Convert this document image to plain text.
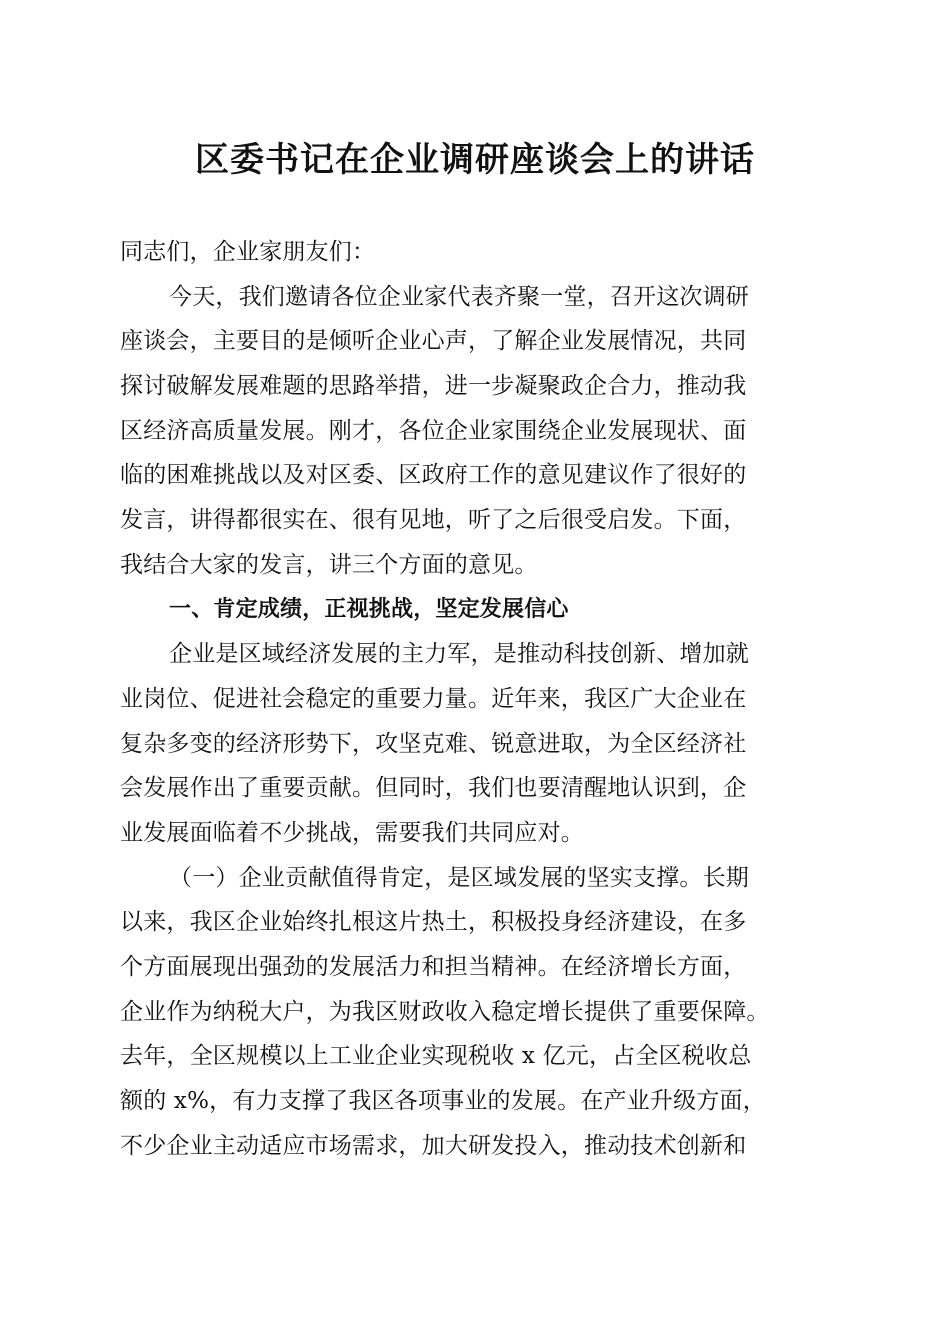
区委书记在企业调研座谈会上的讲话
同志们，企业家朋友们：
今天，我们邀请各位企业家代表齐聚一堂，召开这次调研
座谈会，主要目的是倾听企业心声，了解企业发展情况，共同
探讨破解发展难题的思路举措，进一步凝聚政企合力，推动我
区经济高质量发展。刚才，各位企业家围绕企业发展现状、面
临的困难挑战以及对区委、区政府工作的意见建议作了很好的
发言，讲得都很实在、很有见地，听了之后很受启发。下面，
我结合大家的发言，讲三个方面的意见。
一、肯定成绩，正视挑战，坚定发展信心
企业是区域经济发展的主力军，是推动科技创新、增加就
业岗位、促进社会稳定的重要力量。近年来，我区广大企业在
复杂多变的经济形势下，攻坚克难、锐意进取，为全区经济社
会发展作出了重要贡献。但同时，我们也要清醒地认识到，企
业发展面临着不少挑战，需要我们共同应对。
（一）企业贡献值得肯定，是区域发展的坚实支撑。长期
以来，我区企业始终扎根这片热土，积极投身经济建设，在多
个方面展现出强劲的发展活力和担当精神。在经济增长方面，
企业作为纳税大户，为我区财政收入稳定增长提供了重要保障。
去年，全区规模以上工业企业实现税收 x 亿元，占全区税收总
额的 x%，有力支撑了我区各项事业的发展。在产业升级方面，
不少企业主动适应市场需求，加大研发投入，推动技术创新和
